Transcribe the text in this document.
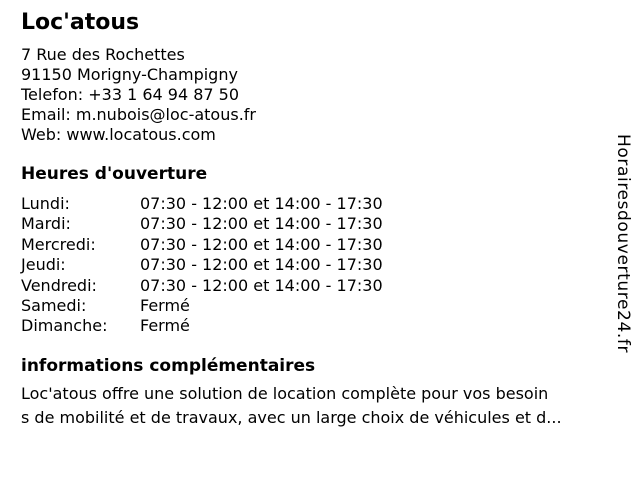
Loc'atous
7 Rue des Rochettes
91150 Morigny-Champigny
Telefon: +33 1 64 94 87 50
Email: m.nubois@loc-atous.fr
Web: www.locatous.com
Heures d'ouverture
Lundi:	07:30 - 12:00 et 14:00 - 17:30
Mardi:	07:30 - 12:00 et 14:00 - 17:30
Mercredi:	07:30 - 12:00 et 14:00 - 17:30
Jeudi:	07:30 - 12:00 et 14:00 - 17:30
Vendredi:	07:30 - 12:00 et 14:00 - 17:30
Samedi:	Fermé
Dimanche:	Fermé
informations complémentaires
Loc'atous offre une solution de location complète pour vos besoin
s de mobilité et de travaux, avec un large choix de véhicules et d...
Horairesdouverture24.fr
